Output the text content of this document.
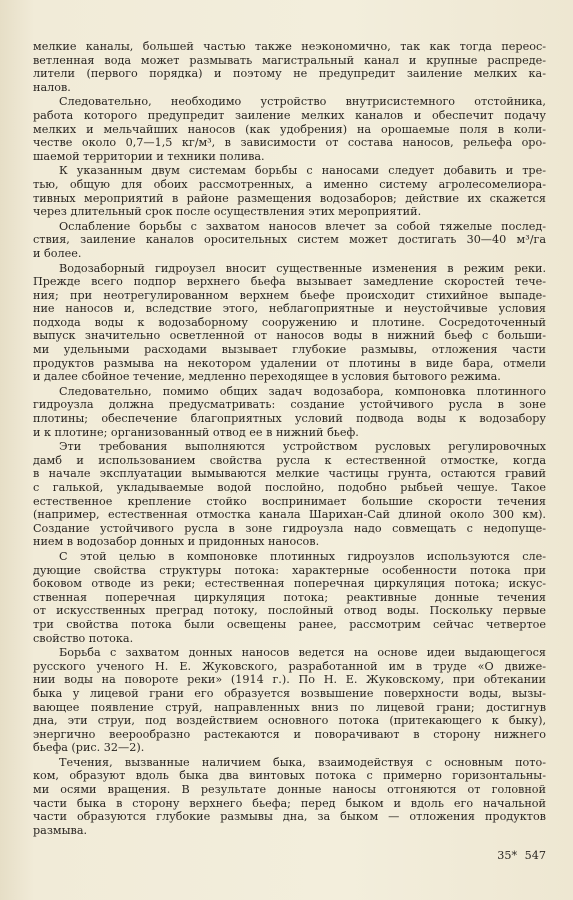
мелкие каналы, большей частью также неэкономично, так как тогда переос-
ветленная вода может размывать магистральный канал и крупные распреде-
лители (первого порядка) и поэтому не предупредит заиление мелких ка-
налов.
Следовательно, необходимо устройство внутрисистемного отстойника,
работа которого предупредит заиление мелких каналов и обеспечит подачу
мелких и мельчайших наносов (как удобрения) на орошаемые поля в коли-
честве около 0,7—1,5 кг/м³, в зависимости от состава наносов, рельефа оро-
шаемой территории и техники полива.
К указанным двум системам борьбы с наносами следует добавить и тре-
тью, общую для обоих рассмотренных, а именно систему агролесомелиора-
тивных мероприятий в районе размещения водозаборов; действие их скажется
через длительный срок после осуществления этих мероприятий.
Ослабление борьбы с захватом наносов влечет за собой тяжелые послед-
ствия, заиление каналов оросительных систем может достигать 30—40 м³/га
и более.
Водозаборный гидроузел вносит существенные изменения в режим реки.
Прежде всего подпор верхнего бьефа вызывает замедление скоростей тече-
ния; при неотрегулированном верхнем бьефе происходит стихийное выпаде-
ние наносов и, вследствие этого, неблагоприятные и неустойчивые условия
подхода воды к водозаборному сооружению и плотине. Сосредоточенный
выпуск значительно осветленной от наносов воды в нижний бьеф с больши-
ми удельными расходами вызывает глубокие размывы, отложения части
продуктов размыва на некотором удалении от плотины в виде бара, отмели
и далее сбойное течение, медленно переходящее в условия бытового режима.
Следовательно, помимо общих задач водозабора, компоновка плотинного
гидроузла должна предусматривать: создание устойчивого русла в зоне
плотины; обеспечение благоприятных условий подвода воды к водозабору
и к плотине; организованный отвод ее в нижний бьеф.
Эти требования выполняются устройством русловых регулировочных
дамб и использованием свойства русла к естественной отмостке, когда
в начале эксплуатации вымываются мелкие частицы грунта, остаются гравий
с галькой, укладываемые водой послойно, подобно рыбьей чешуе. Такое
естественное крепление стойко воспринимает большие скорости течения
(например, естественная отмостка канала Шарихан-Сай длиной около 300 км).
Создание устойчивого русла в зоне гидроузла надо совмещать с недопуще-
нием в водозабор донных и придонных наносов.
С этой целью в компоновке плотинных гидроузлов используются сле-
дующие свойства структуры потока: характерные особенности потока при
боковом отводе из реки; естественная поперечная циркуляция потока; искус-
ственная поперечная циркуляция потока; реактивные донные течения
от искусственных преград потоку, послойный отвод воды. Поскольку первые
три свойства потока были освещены ранее, рассмотрим сейчас четвертое
свойство потока.
Борьба с захватом донных наносов ведется на основе идеи выдающегося
русского ученого Н. Е. Жуковского, разработанной им в труде «О движе-
нии воды на повороте реки» (1914 г.). По Н. Е. Жуковскому, при обтекании
быка у лицевой грани его образуется возвышение поверхности воды, вызы-
вающее появление струй, направленных вниз по лицевой грани; достигнув
дна, эти струи, под воздействием основного потока (притекающего к быку),
энергично веерообразно растекаются и поворачивают в сторону нижнего
бьефа (рис. 32—2).
Течения, вызванные наличием быка, взаимодействуя с основным пото-
ком, образуют вдоль быка два винтовых потока с примерно горизонтальны-
ми осями вращения. В результате донные наносы отгоняются от головной
части быка в сторону верхнего бьефа; перед быком и вдоль его начальной
части образуются глубокие размывы дна, за быком — отложения продуктов
размыва.
35* 547
